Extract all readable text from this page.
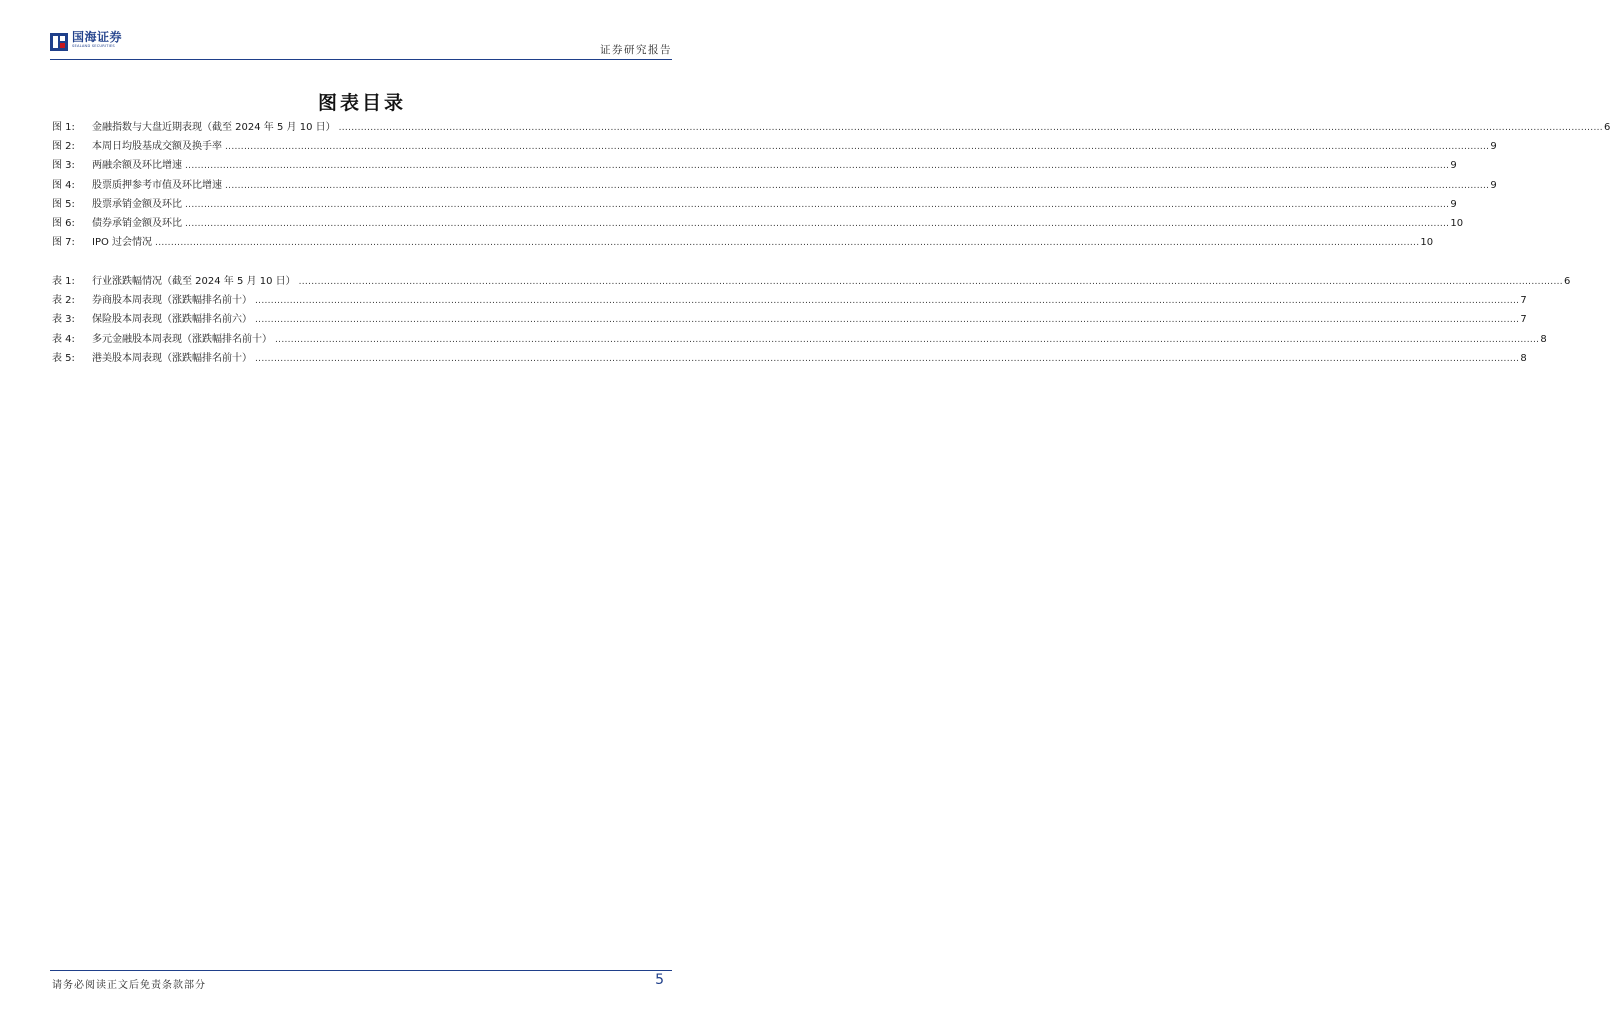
国海证券
SEALAND SECURITIES	证券研究报告
图表目录
图 1:	金融指数与大盘近期表现（截至 2024 年 5 月 10 日） ................................................................................................................................................................................................................................................................................................................................................................................................................ 6
图 2:	本周日均股基成交额及换手率 ................................................................................................................................................................................................................................................................................................................................................................................................................ 9
图 3:	两融余额及环比增速 ................................................................................................................................................................................................................................................................................................................................................................................................................ 9
图 4:	股票质押参考市值及环比增速 ................................................................................................................................................................................................................................................................................................................................................................................................................ 9
图 5:	股票承销金额及环比 ................................................................................................................................................................................................................................................................................................................................................................................................................ 9
图 6:	债券承销金额及环比 ................................................................................................................................................................................................................................................................................................................................................................................................................ 10
图 7:	IPO 过会情况 ................................................................................................................................................................................................................................................................................................................................................................................................................ 10
表 1:	行业涨跌幅情况（截至 2024 年 5 月 10 日） ................................................................................................................................................................................................................................................................................................................................................................................................................ 6
表 2:	券商股本周表现（涨跌幅排名前十） ................................................................................................................................................................................................................................................................................................................................................................................................................ 7
表 3:	保险股本周表现（涨跌幅排名前六） ................................................................................................................................................................................................................................................................................................................................................................................................................ 7
表 4:	多元金融股本周表现（涨跌幅排名前十） ................................................................................................................................................................................................................................................................................................................................................................................................................ 8
表 5:	港美股本周表现（涨跌幅排名前十） ................................................................................................................................................................................................................................................................................................................................................................................................................ 8
请务必阅读正文后免责条款部分	5
